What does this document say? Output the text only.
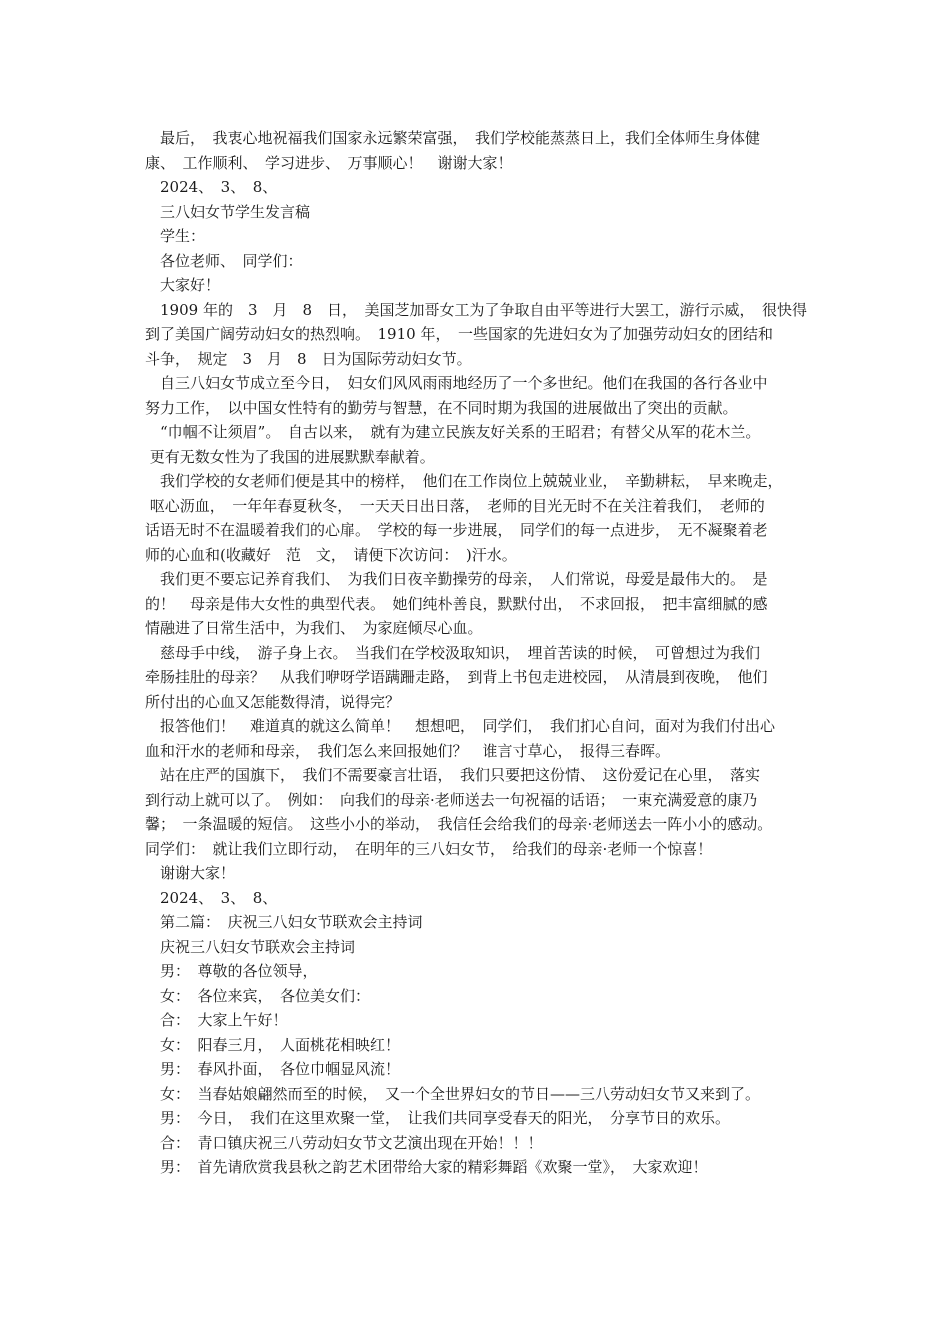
　最后，　我衷心地祝福我们国家永远繁荣富强，　我们学校能蒸蒸日上，我们全体师生身体健
康、　工作顺利、　学习进步、　万事顺心！　谢谢大家！
　2024、　3、　8、
　三八妇女节学生发言稿
　学生：
　各位老师、　同学们：
　大家好！
　1909 年的　3　月　8　日，　美国芝加哥女工为了争取自由平等进行大罢工，游行示威，　很快得
到了美国广阔劳动妇女的热烈响。　1910 年，　一些国家的先进妇女为了加强劳动妇女的团结和
斗争，　规定　3　月　8　日为国际劳动妇女节。
　自三八妇女节成立至今日，　妇女们风风雨雨地经历了一个多世纪。他们在我国的各行各业中
努力工作，　以中国女性特有的勤劳与智慧，在不同时期为我国的进展做出了突出的贡献。
　“巾帼不让须眉”。　自古以来，　就有为建立民族友好关系的王昭君；有替父从军的花木兰。
更有无数女性为了我国的进展默默奉献着。
　我们学校的女老师们便是其中的榜样，　他们在工作岗位上兢兢业业，　辛勤耕耘，　早来晚走，
呕心沥血，　一年年春夏秋冬，　一天天日出日落，　老师的目光无时不在关注着我们，　老师的
话语无时不在温暖着我们的心扉。　学校的每一步进展，　同学们的每一点进步，　无不凝聚着老
师的心血和(收藏好　范　文，　请便下次访问：　)汗水。
　我们更不要忘记养育我们、　为我们日夜辛勤操劳的母亲，　人们常说，母爱是最伟大的。　是
的！　母亲是伟大女性的典型代表。　她们纯朴善良，默默付出，　不求回报，　把丰富细腻的感
情融进了日常生活中，为我们、　为家庭倾尽心血。
　慈母手中线，　游子身上衣。　当我们在学校汲取知识，　埋首苦读的时候，　可曾想过为我们
牵肠挂肚的母亲？　从我们咿呀学语蹒跚走路，　到背上书包走进校园，　从清晨到夜晚，　他们
所付出的心血又怎能数得清，说得完？
　报答他们！　难道真的就这么简单！　想想吧，　同学们，　我们扪心自问，面对为我们付出心
血和汗水的老师和母亲，　我们怎么来回报她们？　谁言寸草心，　报得三春晖。
　站在庄严的国旗下，　我们不需要豪言壮语，　我们只要把这份情、　这份爱记在心里，　落实
到行动上就可以了。　例如：　向我们的母亲·老师送去一句祝福的话语；　一束充满爱意的康乃
馨；　一条温暖的短信。　这些小小的举动，　我信任会给我们的母亲·老师送去一阵小小的感动。
同学们：　就让我们立即行动，　在明年的三八妇女节，　给我们的母亲·老师一个惊喜！
　谢谢大家！
　2024、　3、　8、
　第二篇：　庆祝三八妇女节联欢会主持词
　庆祝三八妇女节联欢会主持词
　男：　尊敬的各位领导，
　女：　各位来宾，　各位美女们：
　合：　大家上午好！
　女：　阳春三月，　人面桃花相映红！
　男：　春风扑面，　各位巾帼显风流！
　女：　当春姑娘翩然而至的时候，　又一个全世界妇女的节日——三八劳动妇女节又来到了。
　男：　今日，　我们在这里欢聚一堂，　让我们共同享受春天的阳光，　分享节日的欢乐。
　合：　青口镇庆祝三八劳动妇女节文艺演出现在开始！！！
　男：　首先请欣赏我县秋之韵艺术团带给大家的精彩舞蹈《欢聚一堂》，　大家欢迎！
